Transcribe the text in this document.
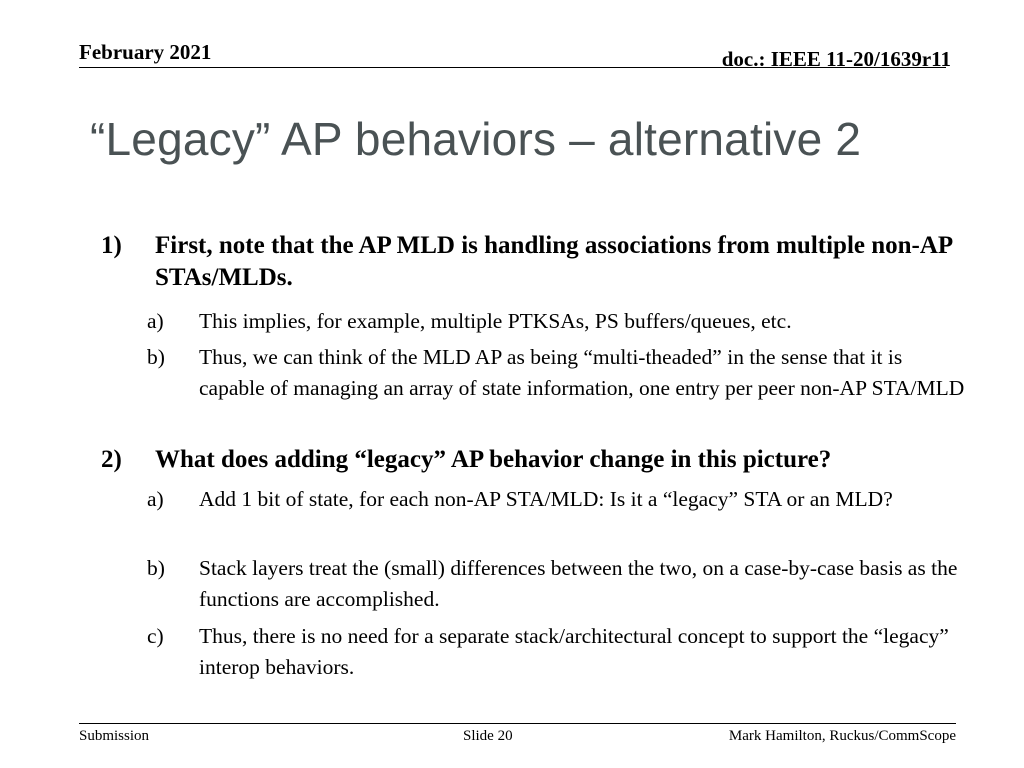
February 2021	doc.: IEEE 11-20/1639r11
“Legacy” AP behaviors – alternative 2
1)	First, note that the AP MLD is handling associations from multiple non-AP STAs/MLDs.
a)	This implies, for example, multiple PTKSAs, PS buffers/queues, etc.
b)	Thus, we can think of the MLD AP as being “multi-theaded” in the sense that it is capable of managing an array of state information, one entry per peer non-AP STA/MLD
2)	What does adding “legacy” AP behavior change in this picture?
a)	Add 1 bit of state, for each non-AP STA/MLD: Is it a “legacy” STA or an MLD?
b)	Stack layers treat the (small) differences between the two, on a case-by-case basis as the functions are accomplished.
c)	Thus, there is no need for a separate stack/architectural concept to support the “legacy” interop behaviors.
Submission	Slide 20	Mark Hamilton, Ruckus/CommScope
